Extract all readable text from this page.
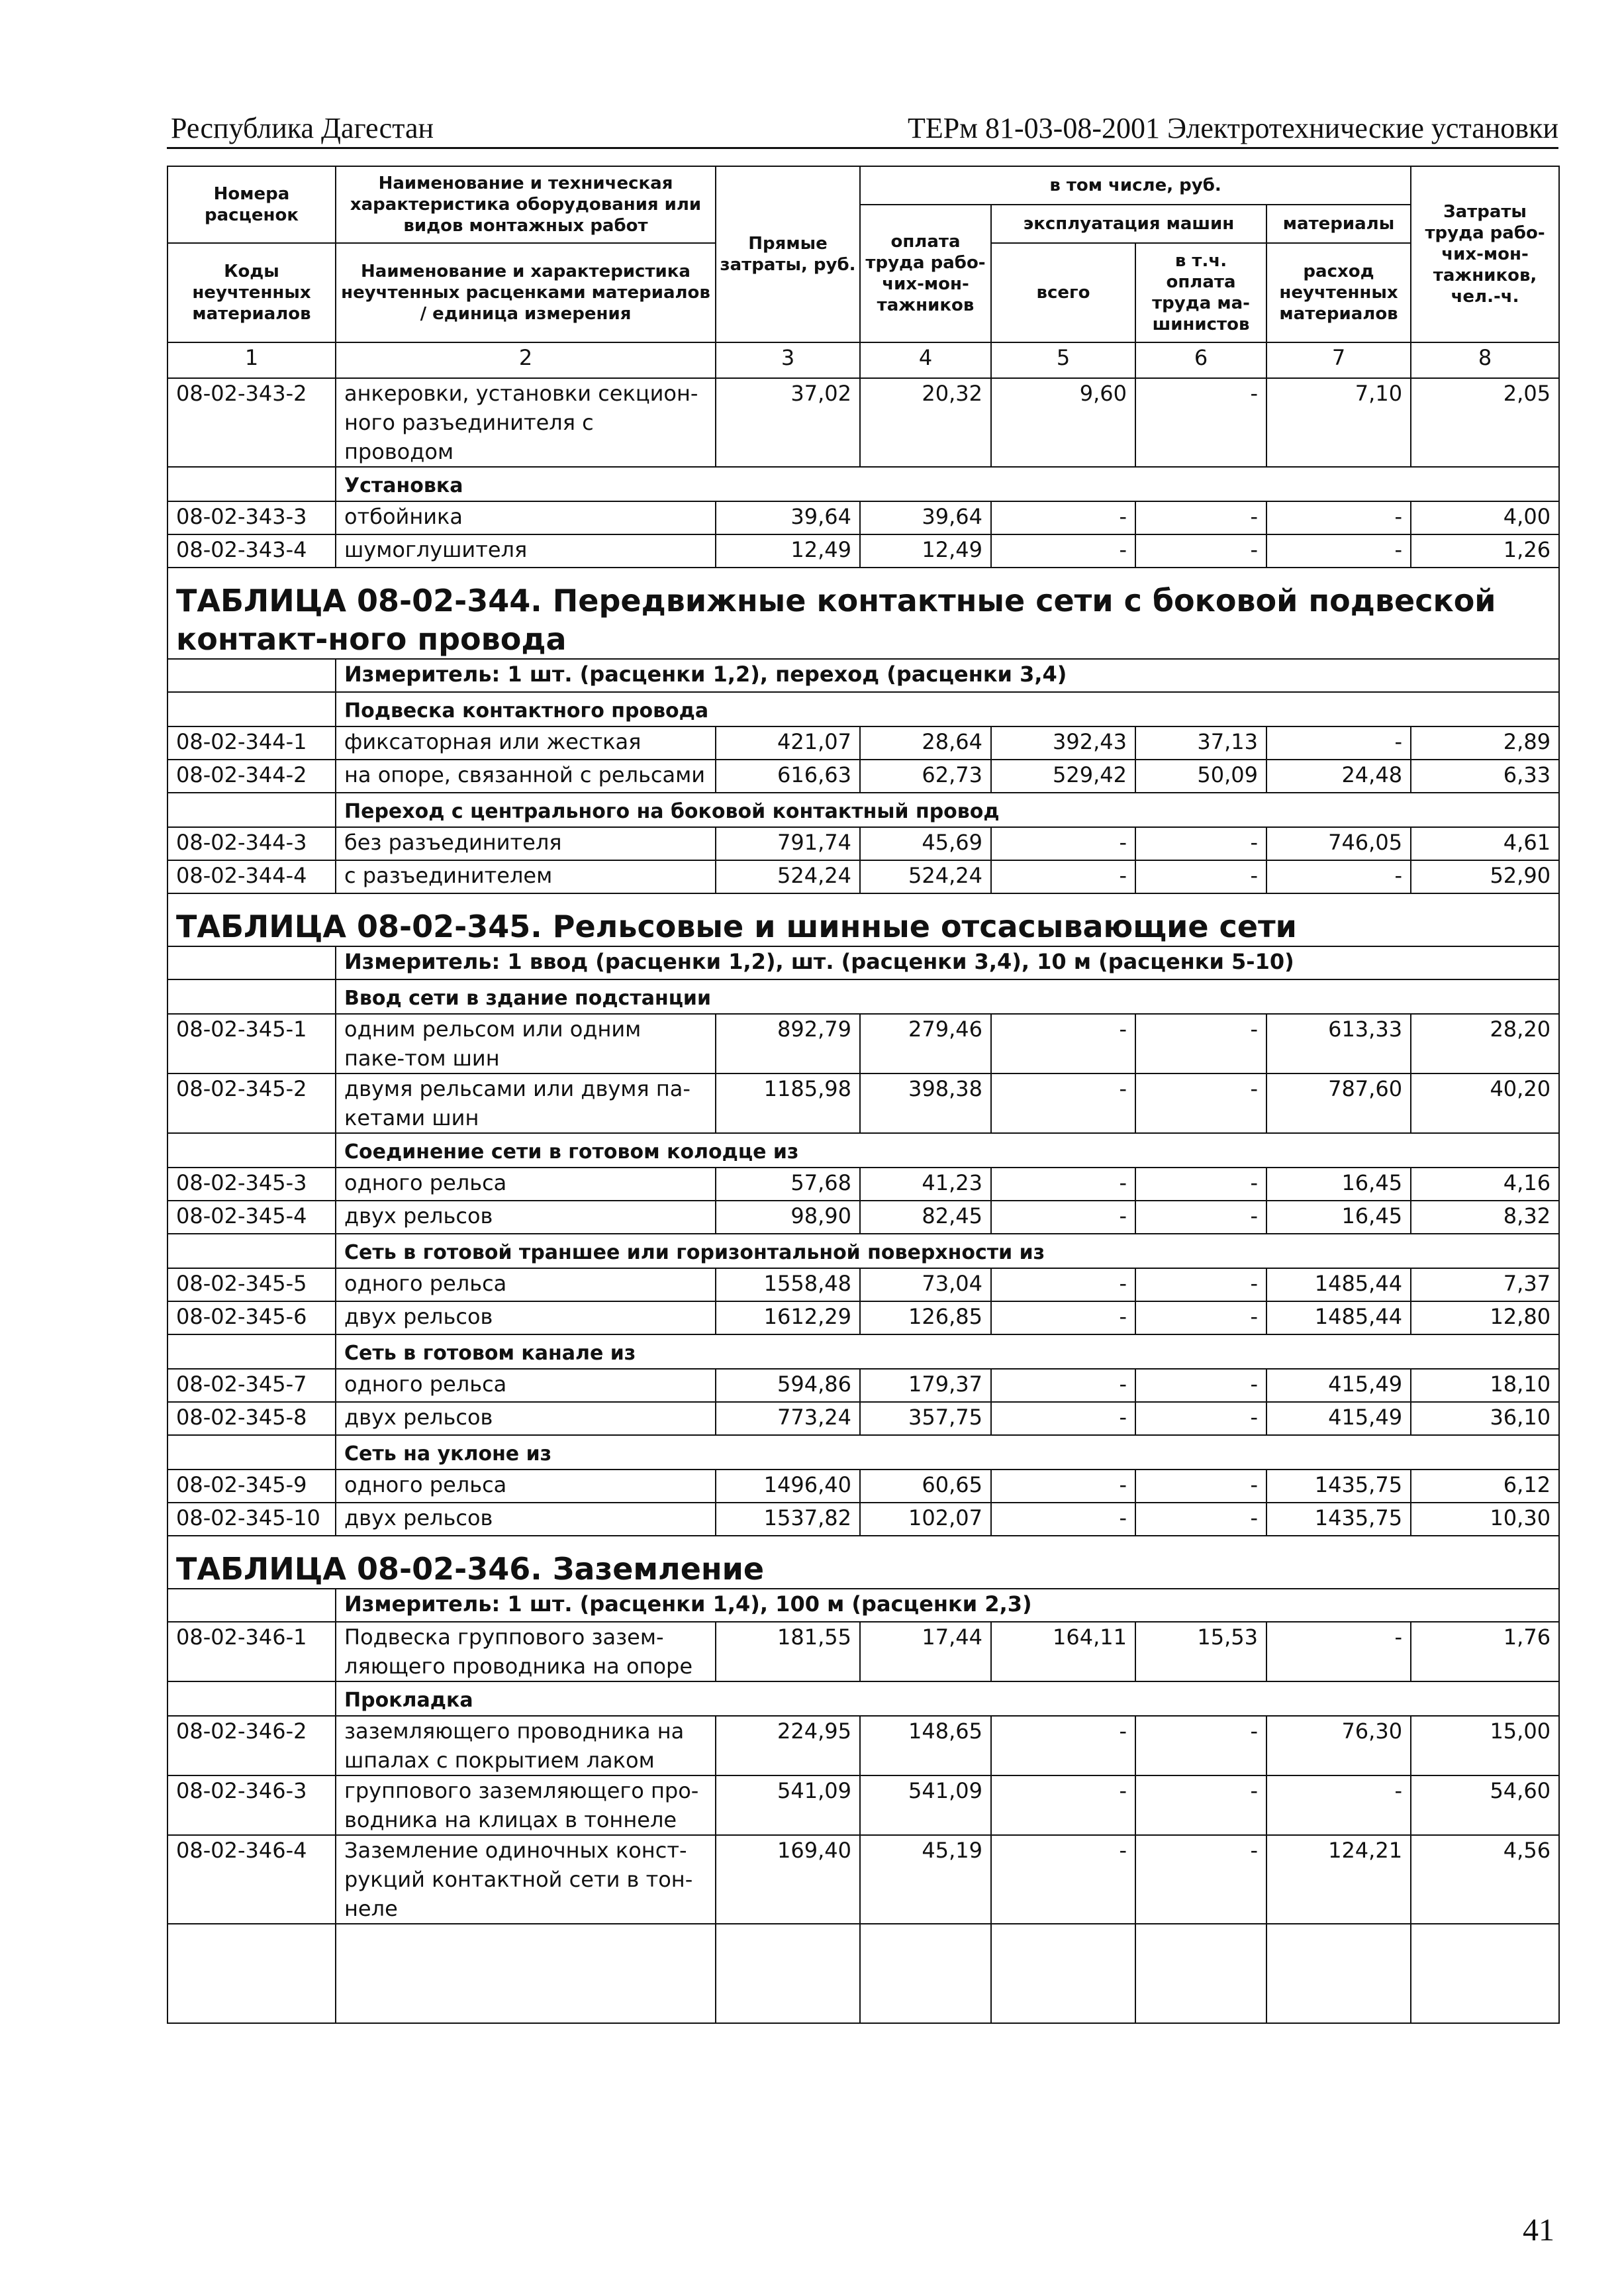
Республика Дагестан	ТЕРм 81-03-08-2001 Электротехнические установки
Номера расценок	Наименование и техническая характеристика оборудования или видов монтажных работ	Прямые затраты, руб.	в том числе, руб.				Затраты труда рабо-чих-мон-тажников, чел.-ч.
			оплата труда рабо-чих-мон-тажников	эксплуатация машин		материалы	
Коды неучтенных материалов	Наименование и характеристика неучтенных расценками материалов / единица измерения			всего	в т.ч. оплата труда ма-шинистов	расход неучтенных материалов	

1	2	3	4	5	6	7	8
08-02-343-2	анкеровки, установки секцион-ного разъединителя с проводом	37,02	20,32	9,60	-	7,10	2,05
	Установка						
08-02-343-3	отбойника	39,64	39,64	-	-	-	4,00
08-02-343-4	шумоглушителя	12,49	12,49	-	-	-	1,26
ТАБЛИЦА 08-02-344. Передвижные контактные сети с боковой подвеской контакт-ного провода							
	Измеритель: 1 шт. (расценки 1,2), переход (расценки 3,4)						
	Подвеска контактного провода						
08-02-344-1	фиксаторная или жесткая	421,07	28,64	392,43	37,13	-	2,89
08-02-344-2	на опоре, связанной с рельсами	616,63	62,73	529,42	50,09	24,48	6,33
	Переход с центрального на боковой контактный провод						
08-02-344-3	без разъединителя	791,74	45,69	-	-	746,05	4,61
08-02-344-4	с разъединителем	524,24	524,24	-	-	-	52,90
ТАБЛИЦА 08-02-345. Рельсовые и шинные отсасывающие сети							
	Измеритель: 1 ввод (расценки 1,2), шт. (расценки 3,4), 10 м (расценки 5-10)						
	Ввод сети в здание подстанции						
08-02-345-1	одним рельсом или одним паке-том шин	892,79	279,46	-	-	613,33	28,20
08-02-345-2	двумя рельсами или двумя па-кетами шин	1185,98	398,38	-	-	787,60	40,20
	Соединение сети в готовом колодце из						
08-02-345-3	одного рельса	57,68	41,23	-	-	16,45	4,16
08-02-345-4	двух рельсов	98,90	82,45	-	-	16,45	8,32
	Сеть в готовой траншее или горизонтальной поверхности из						
08-02-345-5	одного рельса	1558,48	73,04	-	-	1485,44	7,37
08-02-345-6	двух рельсов	1612,29	126,85	-	-	1485,44	12,80
	Сеть в готовом канале из						
08-02-345-7	одного рельса	594,86	179,37	-	-	415,49	18,10
08-02-345-8	двух рельсов	773,24	357,75	-	-	415,49	36,10
	Сеть на уклоне из						
08-02-345-9	одного рельса	1496,40	60,65	-	-	1435,75	6,12
08-02-345-10	двух рельсов	1537,82	102,07	-	-	1435,75	10,30
ТАБЛИЦА 08-02-346. Заземление							
	Измеритель: 1 шт. (расценки 1,4), 100 м (расценки 2,3)						
08-02-346-1	Подвеска группового зазем-ляющего проводника на опоре	181,55	17,44	164,11	15,53	-	1,76
	Прокладка						
08-02-346-2	заземляющего проводника на шпалах с покрытием лаком	224,95	148,65	-	-	76,30	15,00
08-02-346-3	группового заземляющего про-водника на клицах в тоннеле	541,09	541,09	-	-	-	54,60
08-02-346-4	Заземление одиночных конст-рукций контактной сети в тон-неле	169,40	45,19	-	-	124,21	4,56

41
